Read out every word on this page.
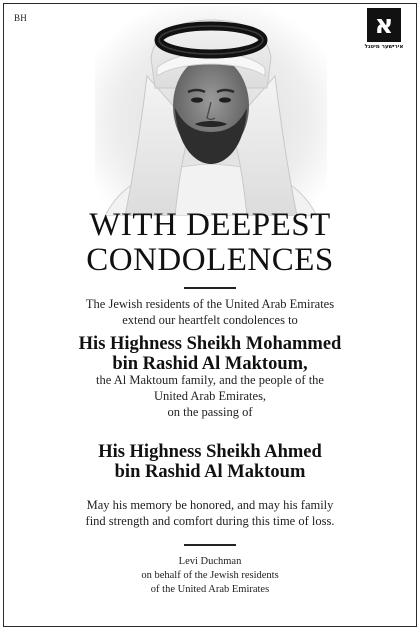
BH	א
אירישער מיטגל
WITH DEEPEST
CONDOLENCES
The Jewish residents of the United Arab Emirates
extend our heartfelt condolences to
His Highness Sheikh Mohammed
bin Rashid Al Maktoum,
the Al Maktoum family, and the people of the
United Arab Emirates,
on the passing of
His Highness Sheikh Ahmed
bin Rashid Al Maktoum
May his memory be honored, and may his family
find strength and comfort during this time of loss.
Levi Duchman
on behalf of the Jewish residents
of the United Arab Emirates
